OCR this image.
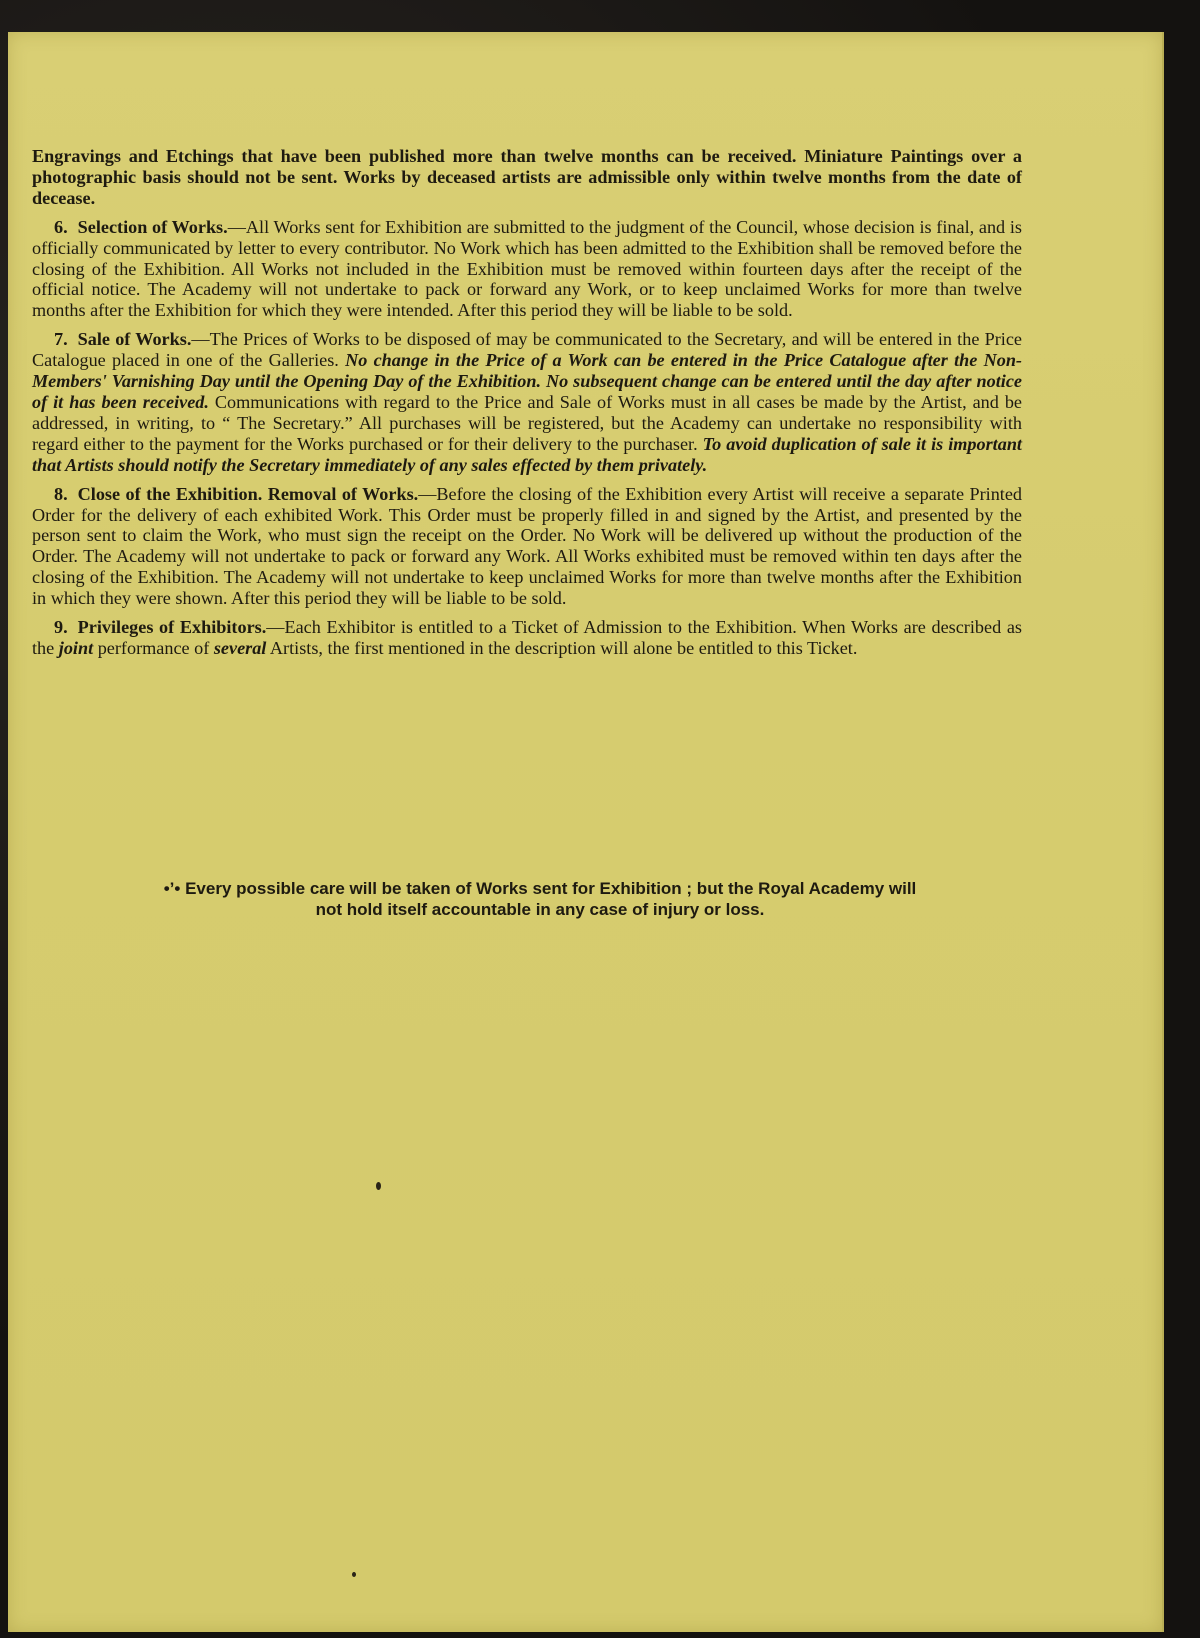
Engravings and Etchings that have been published more than twelve months can be received. Miniature Paintings over a photographic basis should not be sent. Works by deceased artists are admissible only within twelve months from the date of decease.

6. Selection of Works.—All Works sent for Exhibition are submitted to the judgment of the Council, whose decision is final, and is officially communicated by letter to every contributor. No Work which has been admitted to the Exhibition shall be removed before the closing of the Exhibition. All Works not included in the Exhibition must be removed within fourteen days after the receipt of the official notice. The Academy will not undertake to pack or forward any Work, or to keep unclaimed Works for more than twelve months after the Exhibition for which they were intended. After this period they will be liable to be sold.

7. Sale of Works.—The Prices of Works to be disposed of may be communicated to the Secretary, and will be entered in the Price Catalogue placed in one of the Galleries. No change in the Price of a Work can be entered in the Price Catalogue after the Non-Members' Varnishing Day until the Opening Day of the Exhibition. No subsequent change can be entered until the day after notice of it has been received. Communications with regard to the Price and Sale of Works must in all cases be made by the Artist, and be addressed, in writing, to “ The Secretary.” All purchases will be registered, but the Academy can undertake no responsibility with regard either to the payment for the Works purchased or for their delivery to the purchaser. To avoid duplication of sale it is important that Artists should notify the Secretary immediately of any sales effected by them privately.

8. Close of the Exhibition. Removal of Works.—Before the closing of the Exhibition every Artist will receive a separate Printed Order for the delivery of each exhibited Work. This Order must be properly filled in and signed by the Artist, and presented by the person sent to claim the Work, who must sign the receipt on the Order. No Work will be delivered up without the production of the Order. The Academy will not undertake to pack or forward any Work. All Works exhibited must be removed within ten days after the closing of the Exhibition. The Academy will not undertake to keep unclaimed Works for more than twelve months after the Exhibition in which they were shown. After this period they will be liable to be sold.

9. Privileges of Exhibitors.—Each Exhibitor is entitled to a Ticket of Admission to the Exhibition. When Works are described as the joint performance of several Artists, the first mentioned in the description will alone be entitled to this Ticket.

•’• Every possible care will be taken of Works sent for Exhibition ; but the Royal Academy will
not hold itself accountable in any case of injury or loss.
